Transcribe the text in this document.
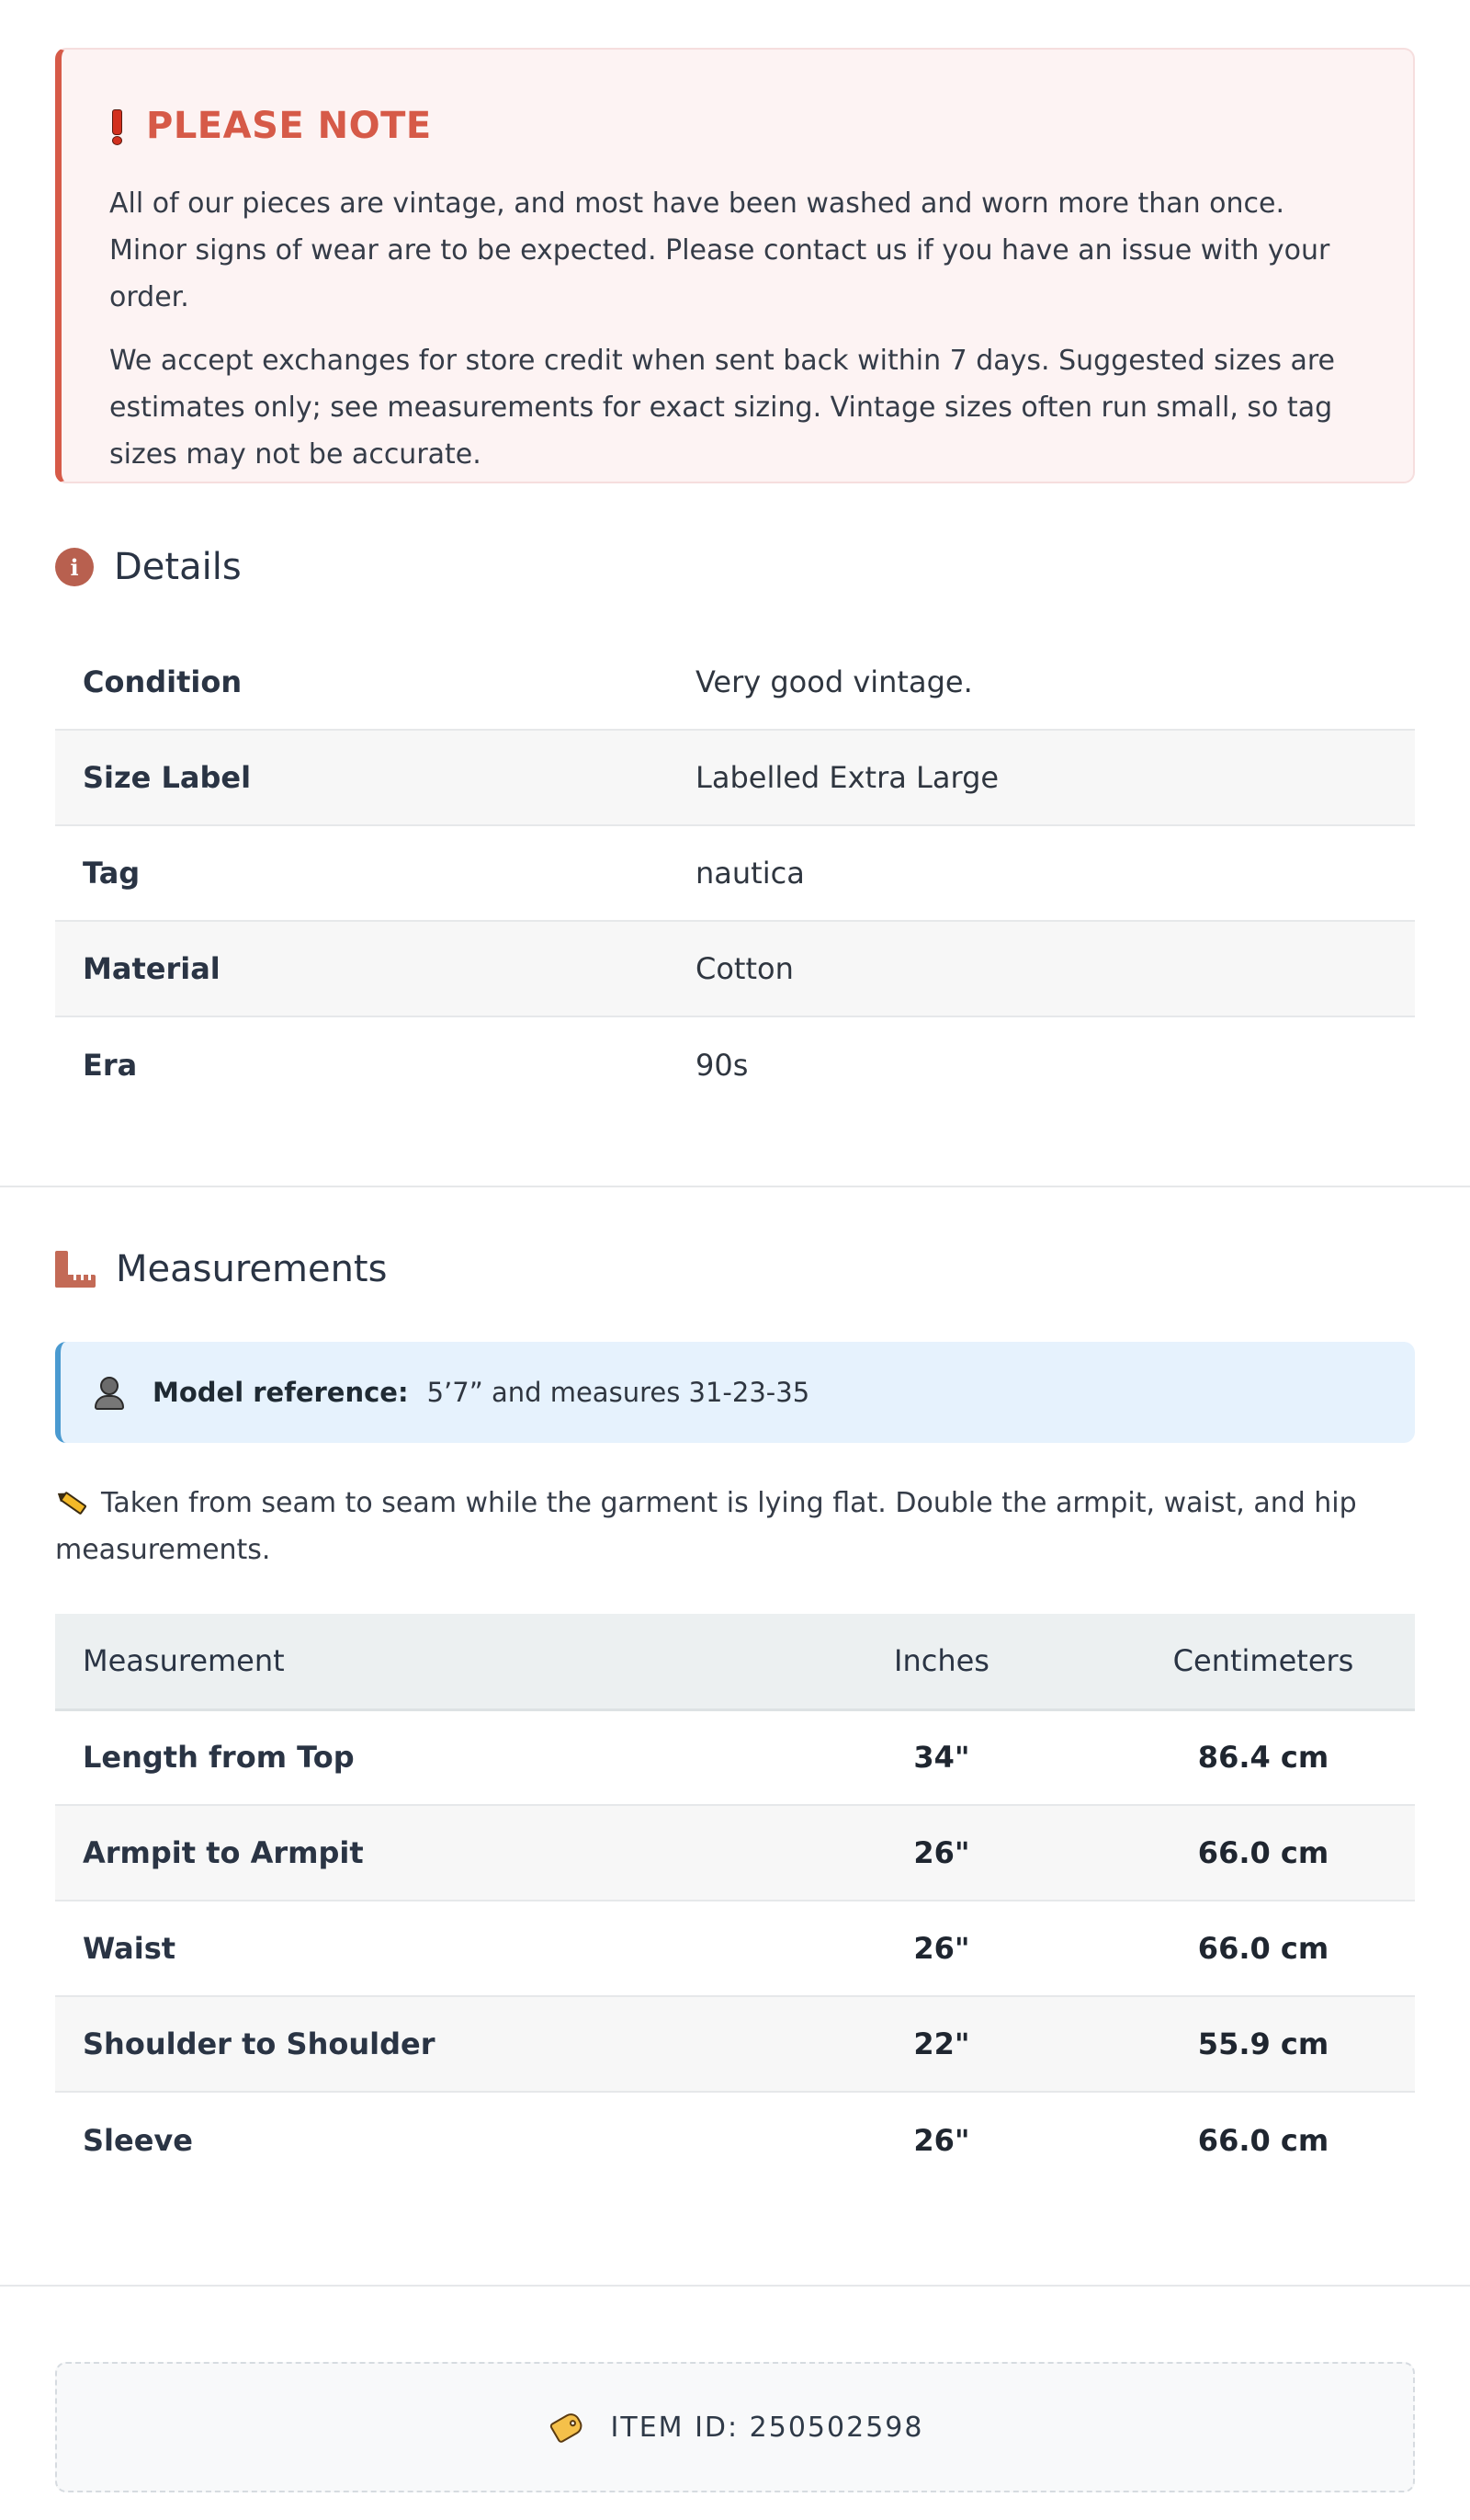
PLEASE NOTE

All of our pieces are vintage, and most have been washed and worn more than once. Minor signs of wear are to be expected. Please contact us if you have an issue with your order.

We accept exchanges for store credit when sent back within 7 days. Suggested sizes are estimates only; see measurements for exact sizing. Vintage sizes often run small, so tag sizes may not be accurate.

i Details
Condition	Very good vintage.
Size Label	Labelled Extra Large
Tag	nautica
Material	Cotton
Era	90s
Measurements
Model reference: 5’7” and measures 31-23-35
Taken from seam to seam while the garment is lying flat. Double the armpit, waist, and hip measurements.
Measurement	Inches	Centimeters
Length from Top	34"	86.4 cm
Armpit to Armpit	26"	66.0 cm
Waist	26"	66.0 cm
Shoulder to Shoulder	22"	55.9 cm
Sleeve	26"	66.0 cm
ITEM ID: 250502598
